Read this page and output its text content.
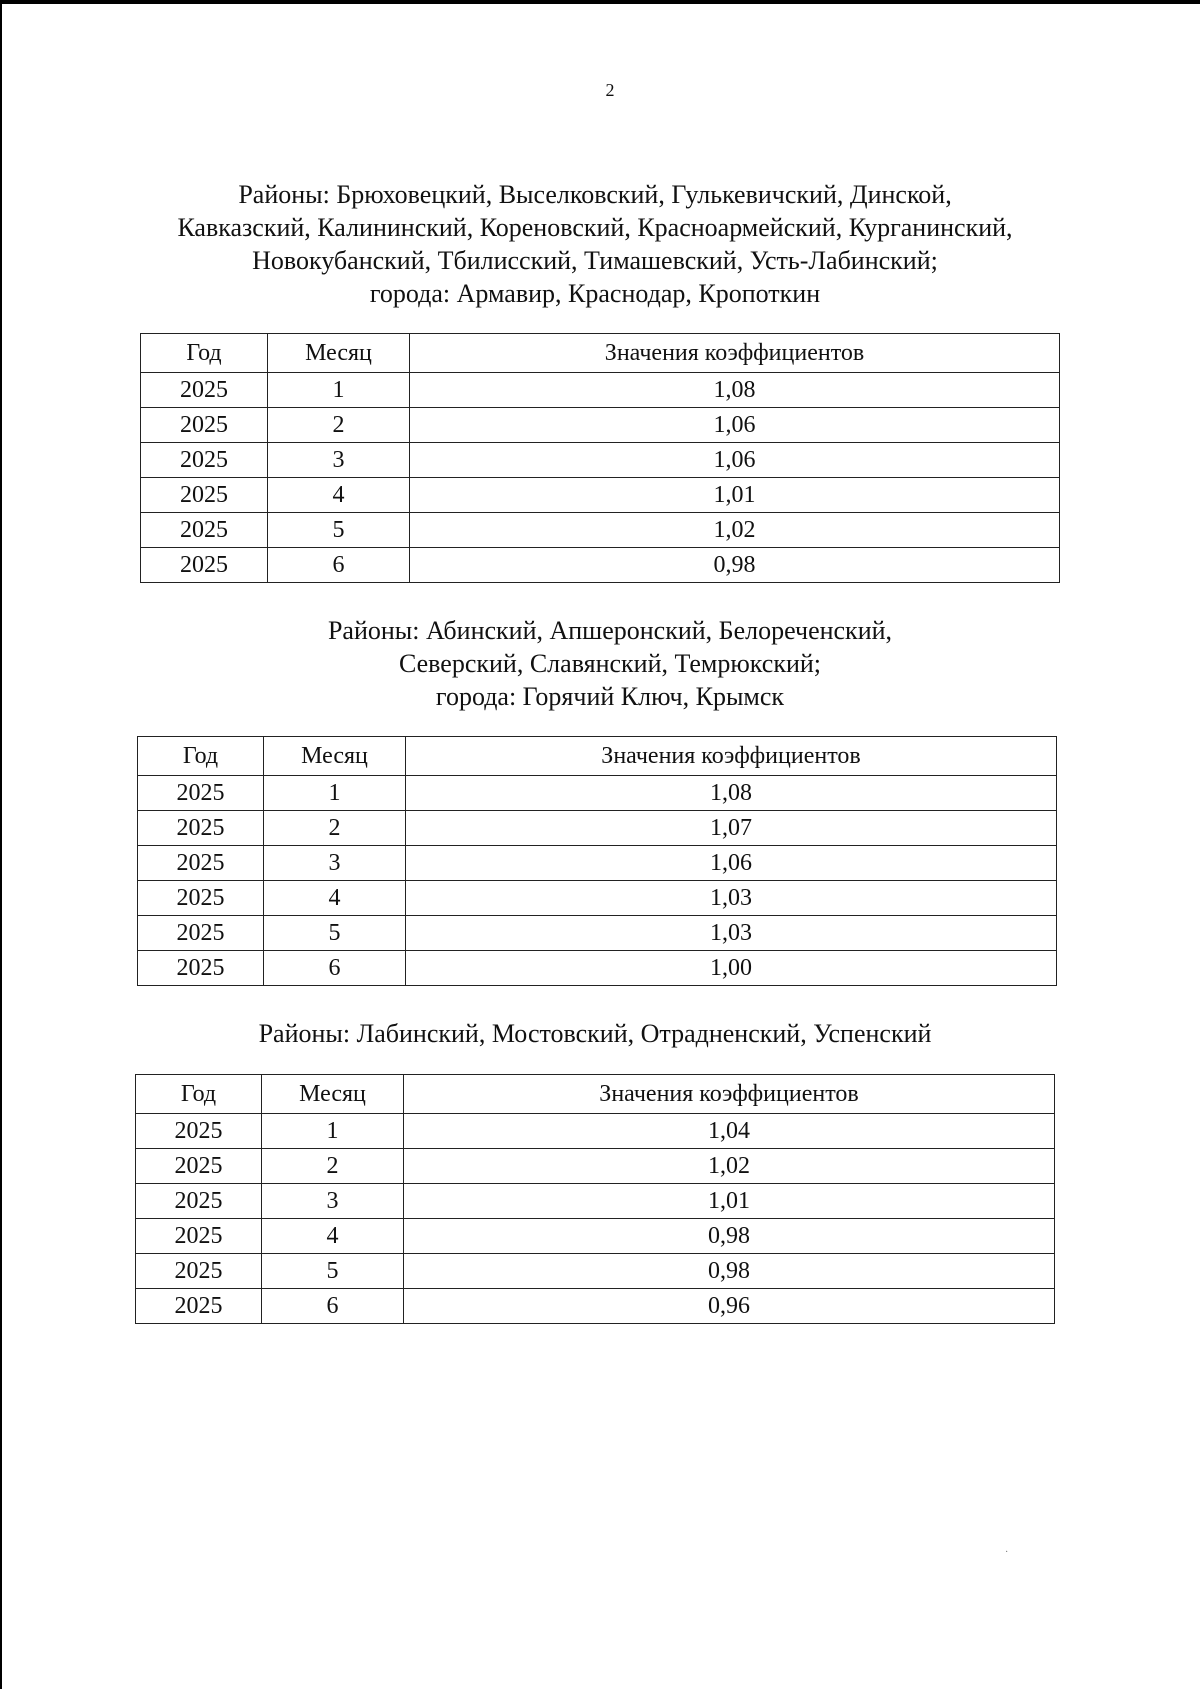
2
Районы: Брюховецкий, Выселковский, Гулькевичский, Динской,
Кавказский, Калининский, Кореновский, Красноармейский, Курганинский,
Новокубанский, Тбилисский, Тимашевский, Усть-Лабинский;
города: Армавир, Краснодар, Кропоткин
Год	Месяц	Значения коэффициентов
2025	1	1,08
2025	2	1,06
2025	3	1,06
2025	4	1,01
2025	5	1,02
2025	6	0,98
Районы: Абинский, Апшеронский, Белореченский,
Северский, Славянский, Темрюкский;
города: Горячий Ключ, Крымск
Год	Месяц	Значения коэффициентов
2025	1	1,08
2025	2	1,07
2025	3	1,06
2025	4	1,03
2025	5	1,03
2025	6	1,00
Районы: Лабинский, Мостовский, Отрадненский, Успенский
Год	Месяц	Значения коэффициентов
2025	1	1,04
2025	2	1,02
2025	3	1,01
2025	4	0,98
2025	5	0,98
2025	6	0,96
·
